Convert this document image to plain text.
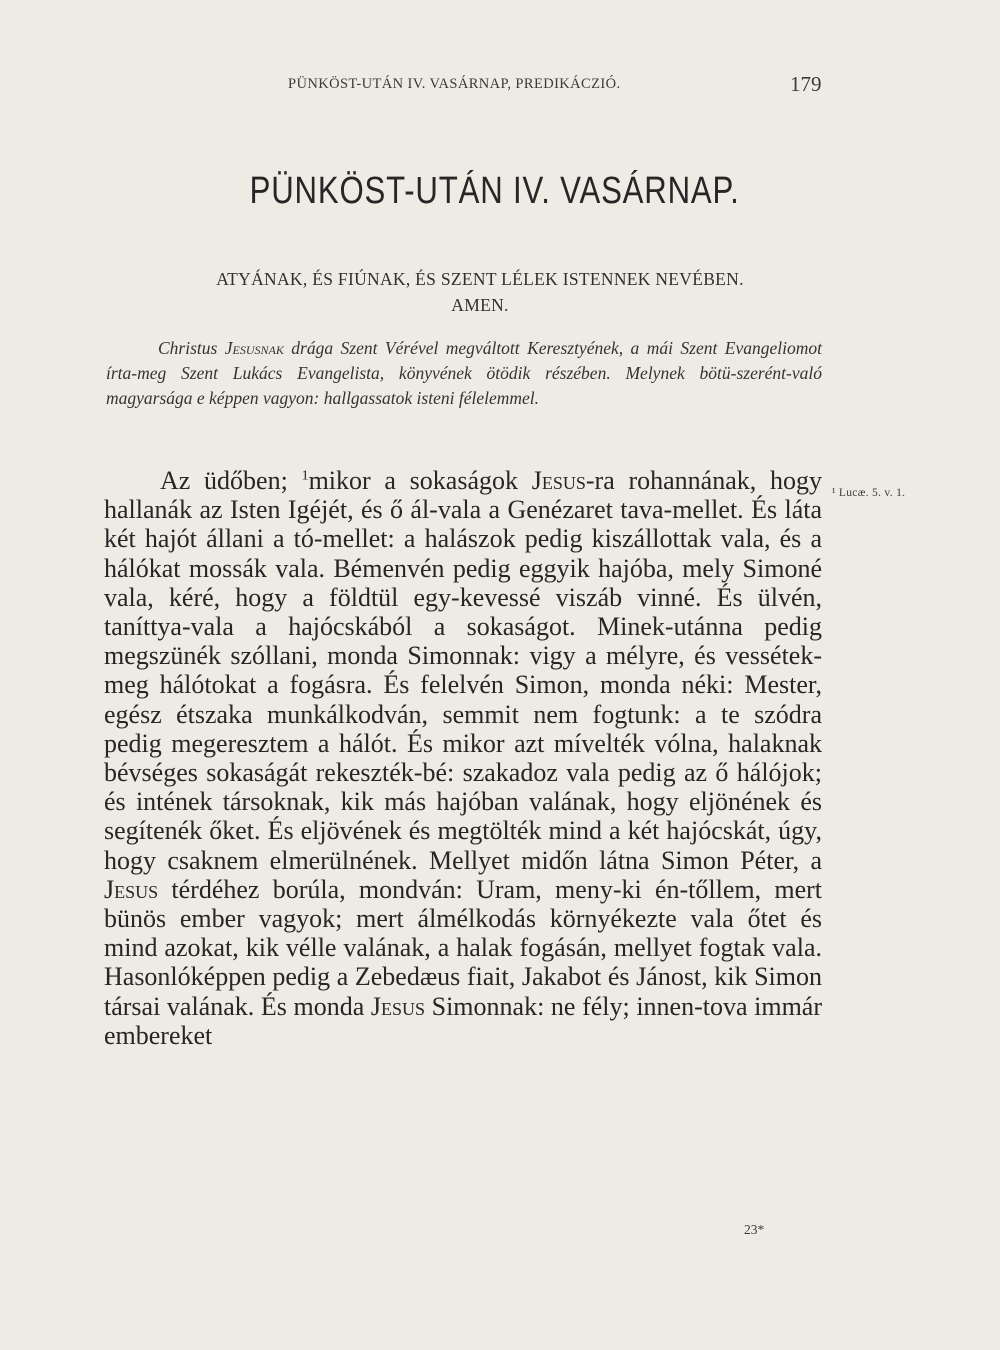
PÜNKÖST-UTÁN IV. VASÁRNAP, PREDIKÁCZIÓ.	179
PÜNKÖST-UTÁN IV. VASÁRNAP.
ATYÁNAK, ÉS FIÚNAK, ÉS SZENT LÉLEK ISTENNEK NEVÉBEN.
AMEN.

Christus Jesusnak drága Szent Vérével megváltott Keresztyének, a mái Szent Evangeliomot írta-meg Szent Lukács Evangelista, könyvének ötödik részében. Melynek bötü-szerént-való magyarsága e képpen vagyon: hallgassatok isteni félelemmel.

Az üdőben; $^1$mikor a sokaságok Jesus-ra rohannának, hogy hallanák az Isten Igéjét, és ő ál-vala a Genézaret tava-mellet. És láta két hajót állani a tó-mellet: a halászok pedig kiszállottak vala, és a hálókat mossák vala. Bémenvén pedig eggyik hajóba, mely Simoné vala, kéré, hogy a földtül egy-kevessé viszáb vinné. És ülvén, taníttya-vala a hajócskából a sokaságot. Minek-utánna pedig megszünék szóllani, monda Simonnak: vigy a mélyre, és vessétek-meg hálótokat a fogásra. És felelvén Simon, monda néki: Mester, egész étszaka munkálkodván, semmit nem fogtunk: a te szódra pedig megeresztem a hálót. És mikor azt mívelték vólna, halaknak bévséges sokaságát rekeszték-bé: szakadoz vala pedig az ő hálójok; és intének társoknak, kik más hajóban valának, hogy eljönének és segítenék őket. És eljövének és megtölték mind a két hajócskát, úgy, hogy csaknem elmerülnének. Mellyet midőn látna Simon Péter, a Jesus térdéhez borúla, mondván: Uram, meny-ki én-tőllem, mert bünös ember vagyok; mert álmélkodás környékezte vala őtet és mind azokat, kik vélle valának, a halak fogásán, mellyet fogtak vala. Hasonlóképpen pedig a Zebedæus fiait, Jakabot és Jánost, kik Simon társai valának. És monda Jesus Simonnak: ne fély; innen-tova immár embereket

¹ Lucæ. 5. v. 1.
23*
